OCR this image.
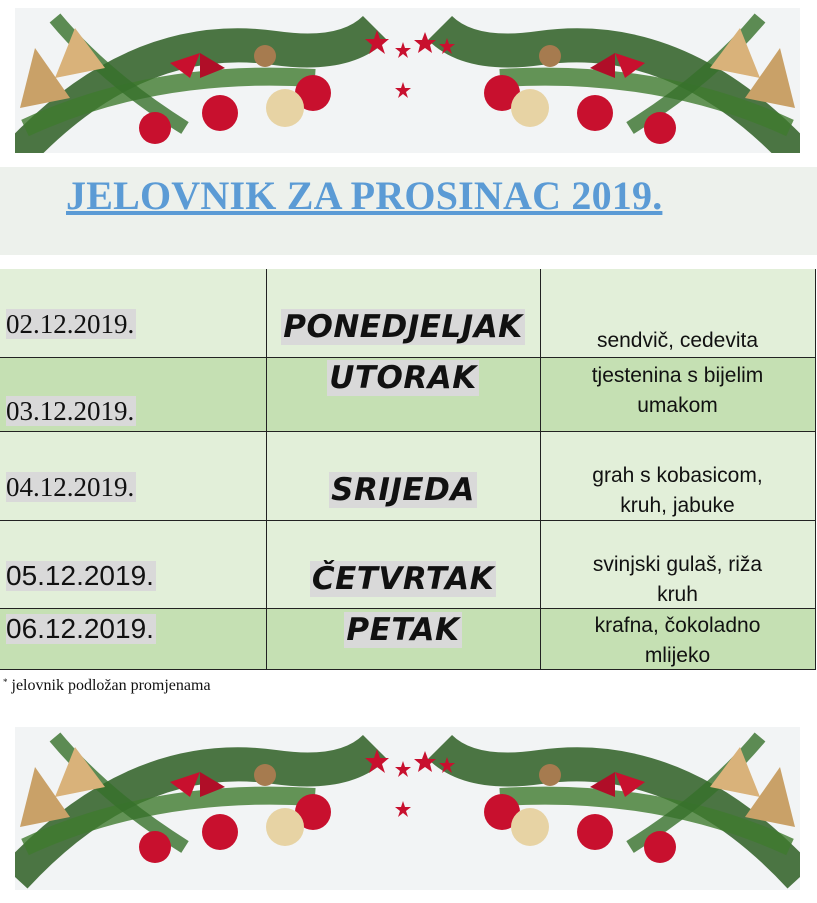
JELOVNIK ZA PROSINAC 2019.
02.12.2019.	PONEDJELJAK	sendvič, cedevita

03.12.2019.	UTORAK	tjestenina s bijelim umakom

04.12.2019.	SRIJEDA	grah s kobasicom, kruh, jabuke

05.12.2019.	ČETVRTAK	svinjski gulaš, riža kruh

06.12.2019.	PETAK	krafna, čokoladno mlijeko

* jelovnik podložan promjenama
